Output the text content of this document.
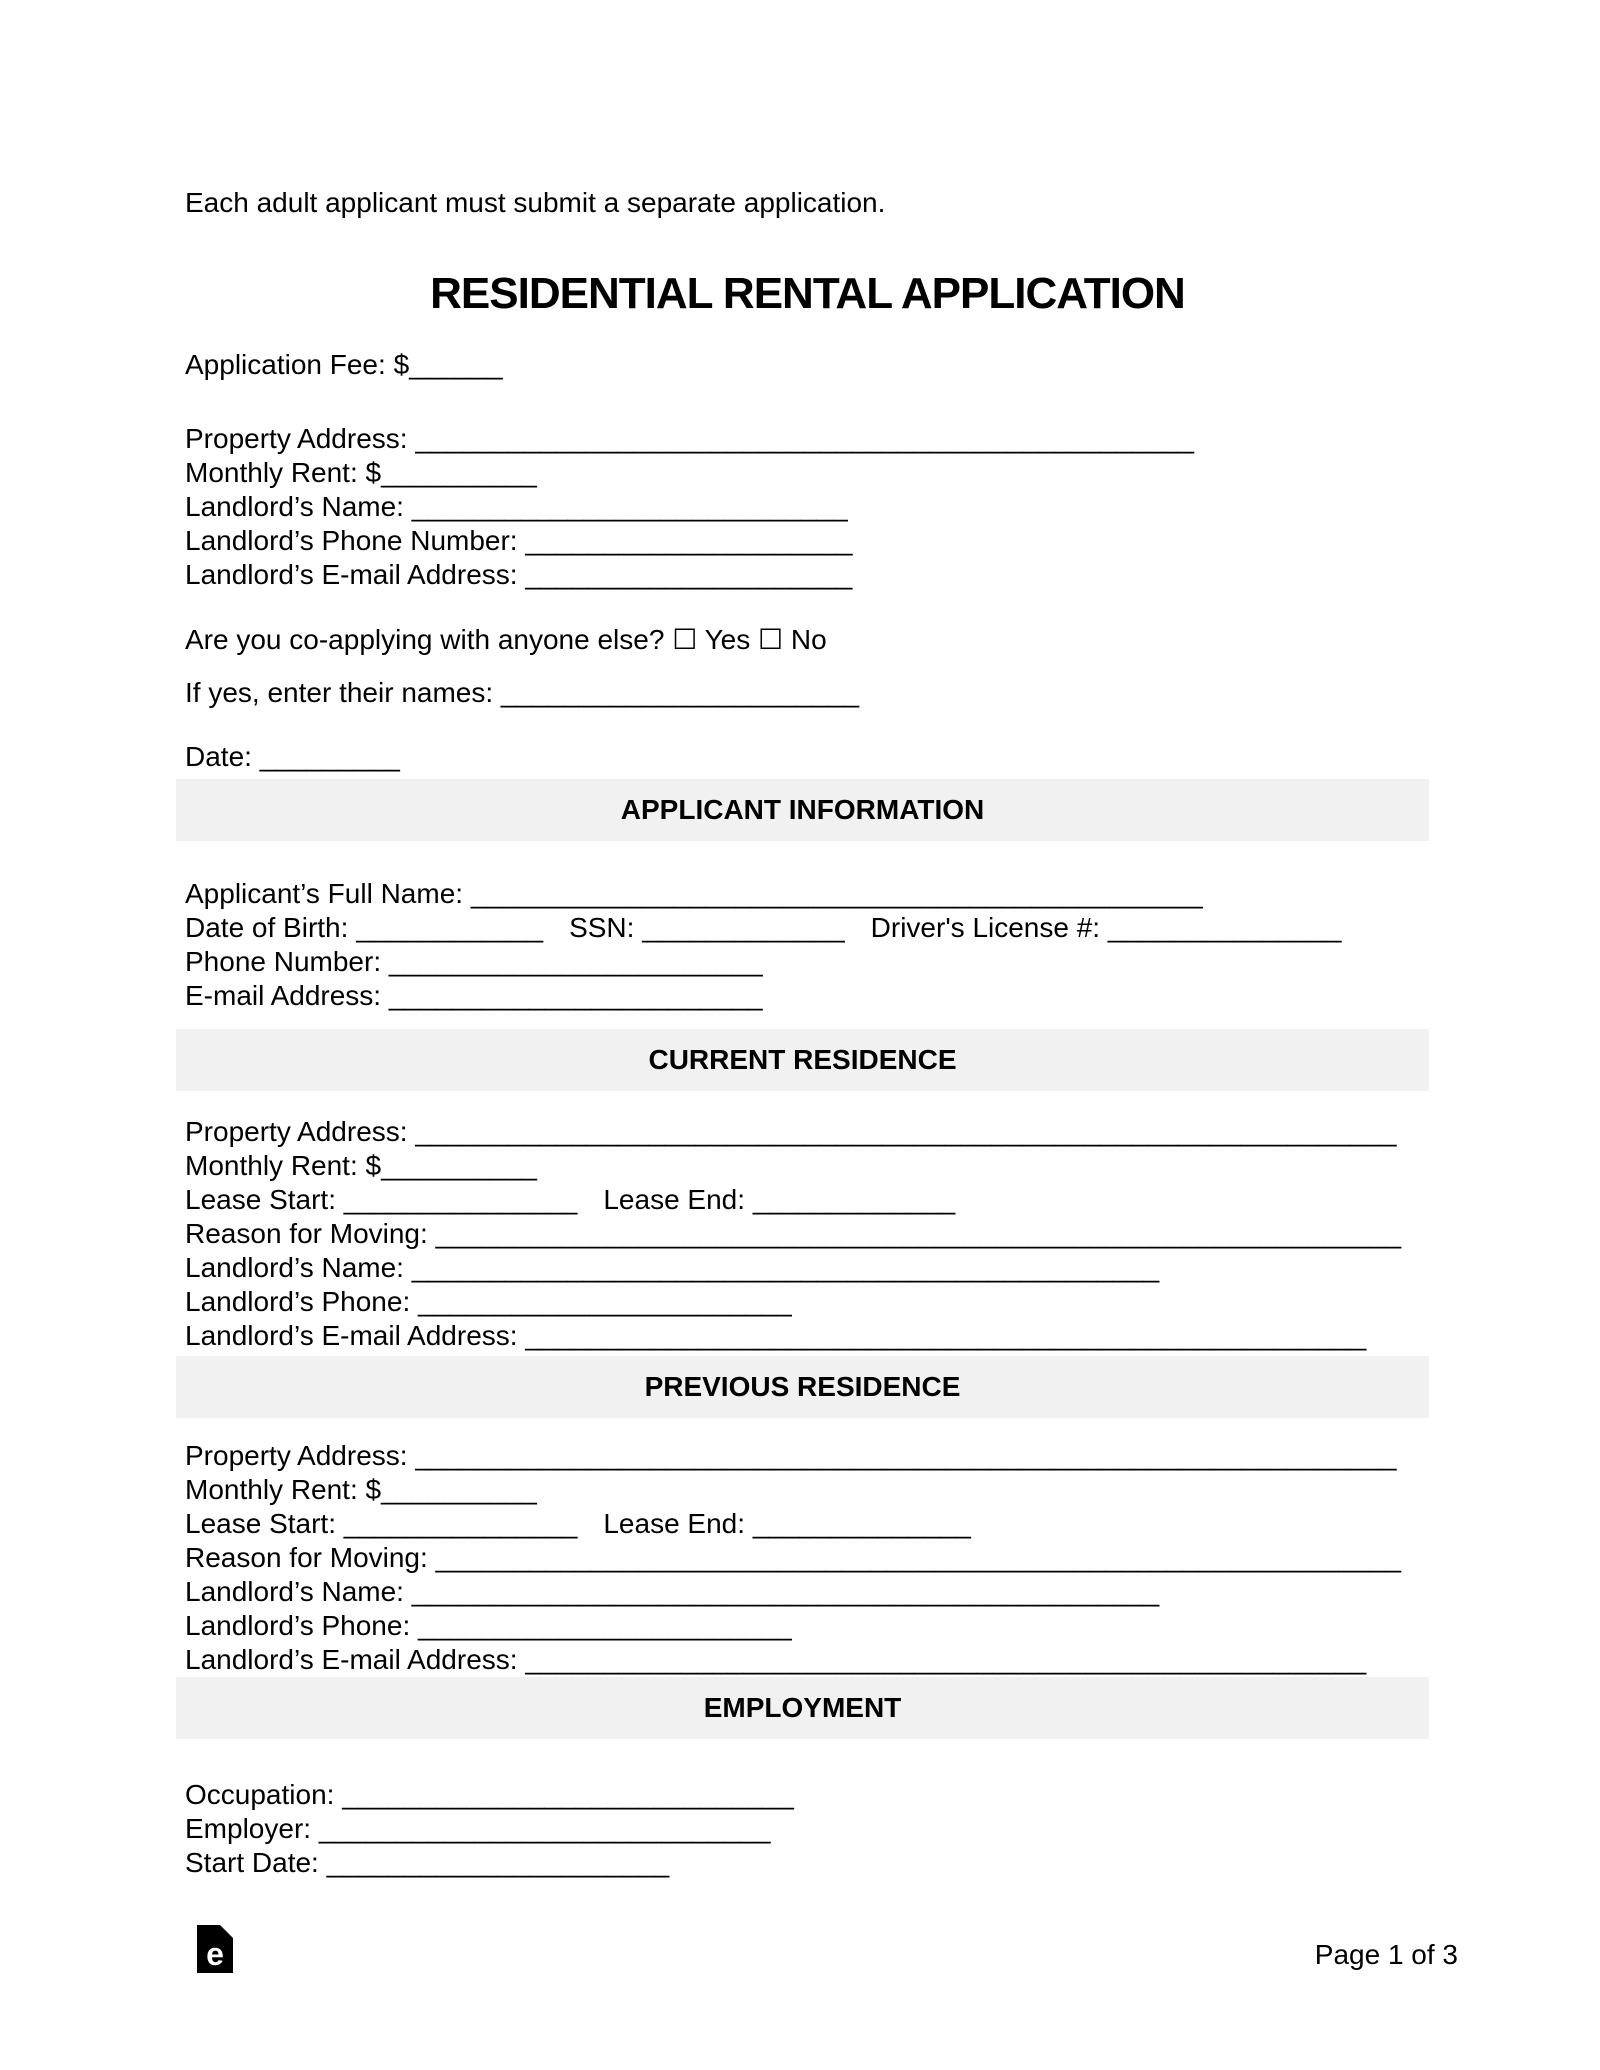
Each adult applicant must submit a separate application.
RESIDENTIAL RENTAL APPLICATION
Application Fee: $______
Property Address: __________________________________________________
Monthly Rent: $__________
Landlord’s Name: ____________________________
Landlord’s Phone Number: _____________________
Landlord’s E-mail Address: _____________________
Are you co-applying with anyone else? ☐ Yes ☐ No
If yes, enter their names: _______________________
Date: _________
APPLICANT INFORMATION
Applicant’s Full Name: _______________________________________________
Date of Birth: ____________ SSN: _____________ Driver's License #: _______________
Phone Number: ________________________
E-mail Address: ________________________
CURRENT RESIDENCE
Property Address: _______________________________________________________________
Monthly Rent: $__________
Lease Start: _______________ Lease End: _____________
Reason for Moving: ______________________________________________________________
Landlord’s Name: ________________________________________________
Landlord’s Phone: ________________________
Landlord’s E-mail Address: ______________________________________________________
PREVIOUS RESIDENCE
Property Address: _______________________________________________________________
Monthly Rent: $__________
Lease Start: _______________ Lease End: ______________
Reason for Moving: ______________________________________________________________
Landlord’s Name: ________________________________________________
Landlord’s Phone: ________________________
Landlord’s E-mail Address: ______________________________________________________
EMPLOYMENT
Occupation: _____________________________
Employer: _____________________________
Start Date: ______________________
e	Page 1 of 3
